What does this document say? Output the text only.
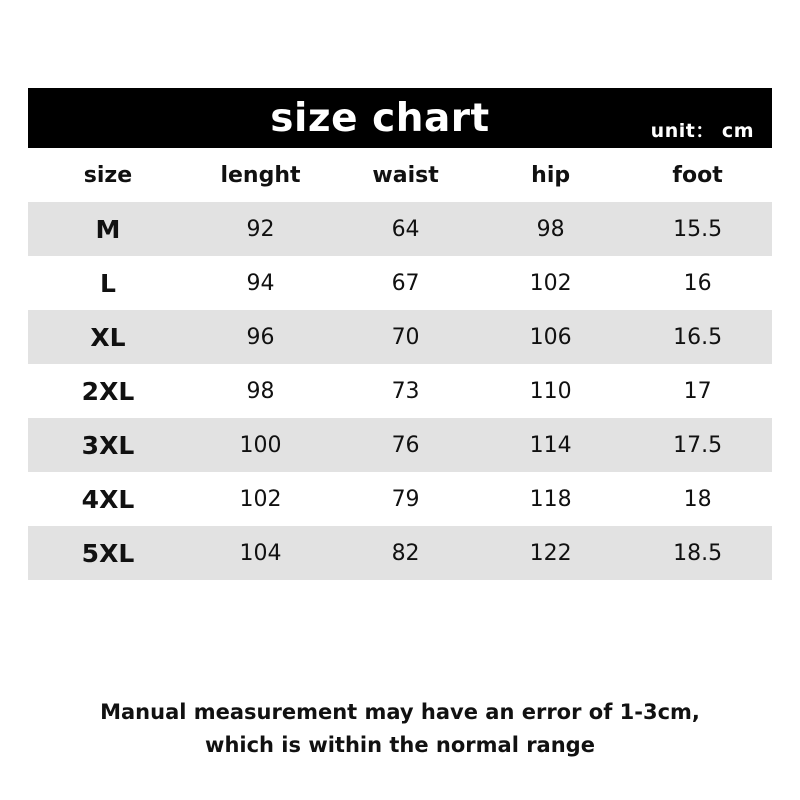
size chart	unit： cm
size	lenght	waist	hip	foot
M	92	64	98	15.5
L	94	67	102	16
XL	96	70	106	16.5
2XL	98	73	110	17
3XL	100	76	114	17.5
4XL	102	79	118	18
5XL	104	82	122	18.5
Manual measurement may have an error of 1-3cm,
which is within the normal range
